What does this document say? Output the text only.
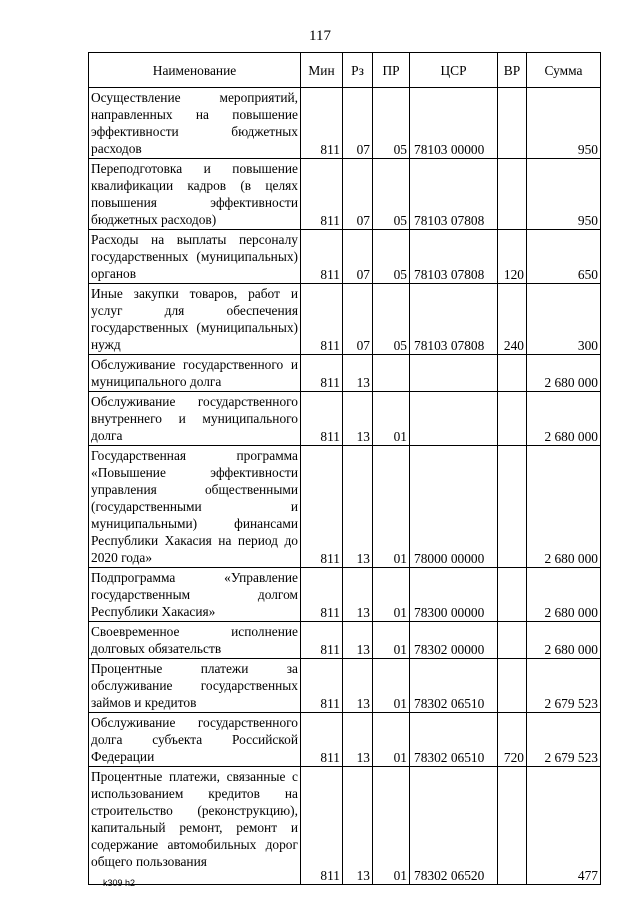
117
Наименование	Мин	Рз	ПР	ЦСР	ВР	Сумма
Осуществление мероприятий, направленных на повышение эффективности бюджетных расходов	811	07	05	78103 00000		950
Переподготовка и повышение квалификации кадров (в целях повышения эффективности бюджетных расходов)	811	07	05	78103 07808		950
Расходы на выплаты персоналу государственных (муниципальных) органов	811	07	05	78103 07808	120	650
Иные закупки товаров, работ и услуг для обеспечения государственных (муниципальных) нужд	811	07	05	78103 07808	240	300
Обслуживание государственного и муниципального долга	811	13				2 680 000
Обслуживание государственного внутреннего и муниципального долга	811	13	01			2 680 000
Государственная программа «Повышение эффективности управления общественными (государственными и муниципальными) финансами Республики Хакасия на период до 2020 года»	811	13	01	78000 00000		2 680 000
Подпрограмма «Управление государственным долгом Республики Хакасия»	811	13	01	78300 00000		2 680 000
Своевременное исполнение долговых обязательств	811	13	01	78302 00000		2 680 000
Процентные платежи за обслуживание государственных займов и кредитов	811	13	01	78302 06510		2 679 523
Обслуживание государственного долга субъекта Российской Федерации	811	13	01	78302 06510	720	2 679 523
Процентные платежи, связанные с использованием кредитов на строительство (реконструкцию), капитальный ремонт, ремонт и содержание автомобильных дорог общего пользования	811	13	01	78302 06520		477
k309 h2
